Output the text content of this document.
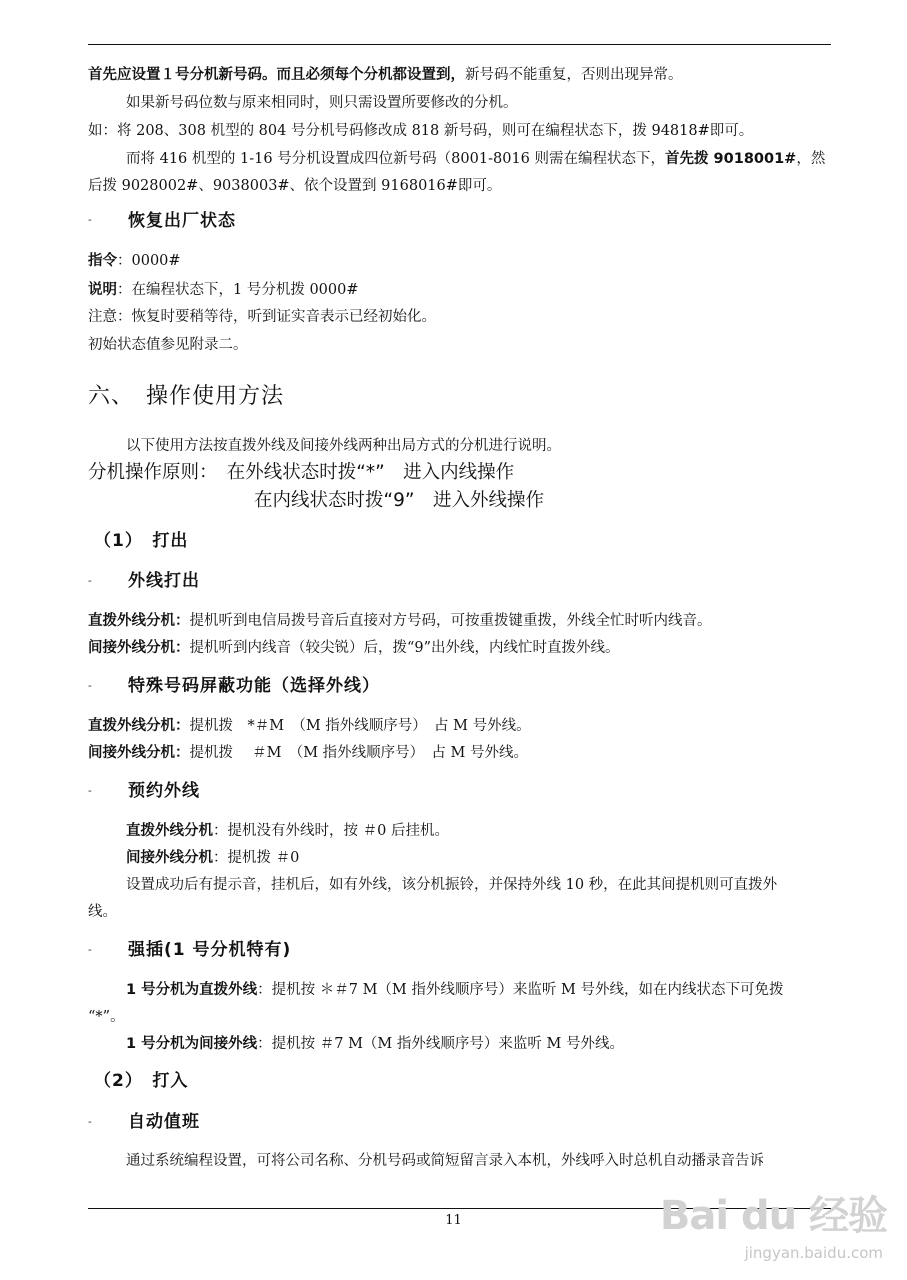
首先应设置１号分机新号码。而且必须每个分机都设置到，新号码不能重复，否则出现异常。
如果新号码位数与原来相同时，则只需设置所要修改的分机。
如：将 208、308 机型的 804 号分机号码修改成 818 新号码，则可在编程状态下，拨 94818#即可。
而将 416 机型的 1-16 号分机设置成四位新号码（8001-8016 则需在编程状态下，首先拨 9018001#，然
后拨 9028002#、9038003#、依个设置到 9168016#即可。
- 恢复出厂状态
指令：0000#
说明：在编程状态下，1 号分机拨 0000#
注意：恢复时要稍等待，听到证实音表示已经初始化。
初始状态值参见附录二。
六、　操作使用方法
以下使用方法按直拨外线及间接外线两种出局方式的分机进行说明。
分机操作原则：　在外线状态时拨“*”　进入内线操作
在内线状态时拨“9”　进入外线操作
（1）　打出
- 外线打出
直拨外线分机：提机听到电信局拨号音后直接对方号码，可按重拨键重拨，外线全忙时听内线音。
间接外线分机：提机听到内线音（较尖锐）后，拨“9”出外线，内线忙时直拨外线。
- 特殊号码屏蔽功能（选择外线）
直拨外线分机：提机拨　*＃M　（M 指外线顺序号）　占 M 号外线。
间接外线分机：提机拨　 ＃M　（M 指外线顺序号）　占 M 号外线。
- 预约外线
直拨外线分机：提机没有外线时，按 ＃0 后挂机。
间接外线分机：提机拨 ＃0
设置成功后有提示音，挂机后，如有外线，该分机振铃，并保持外线 10 秒，在此其间提机则可直拨外
线。
- 强插(1 号分机特有)
1 号分机为直拨外线：提机按 ＊＃7 M（M 指外线顺序号）来监听 M 号外线，如在内线状态下可免拨
“*”。
1 号分机为间接外线：提机按 ＃7 M（M 指外线顺序号）来监听 M 号外线。
（2）　打入
- 自动值班
通过系统编程设置，可将公司名称、分机号码或简短留言录入本机，外线呼入时总机自动播录音告诉
11	Bai du 经验
jingyan.baidu.com
